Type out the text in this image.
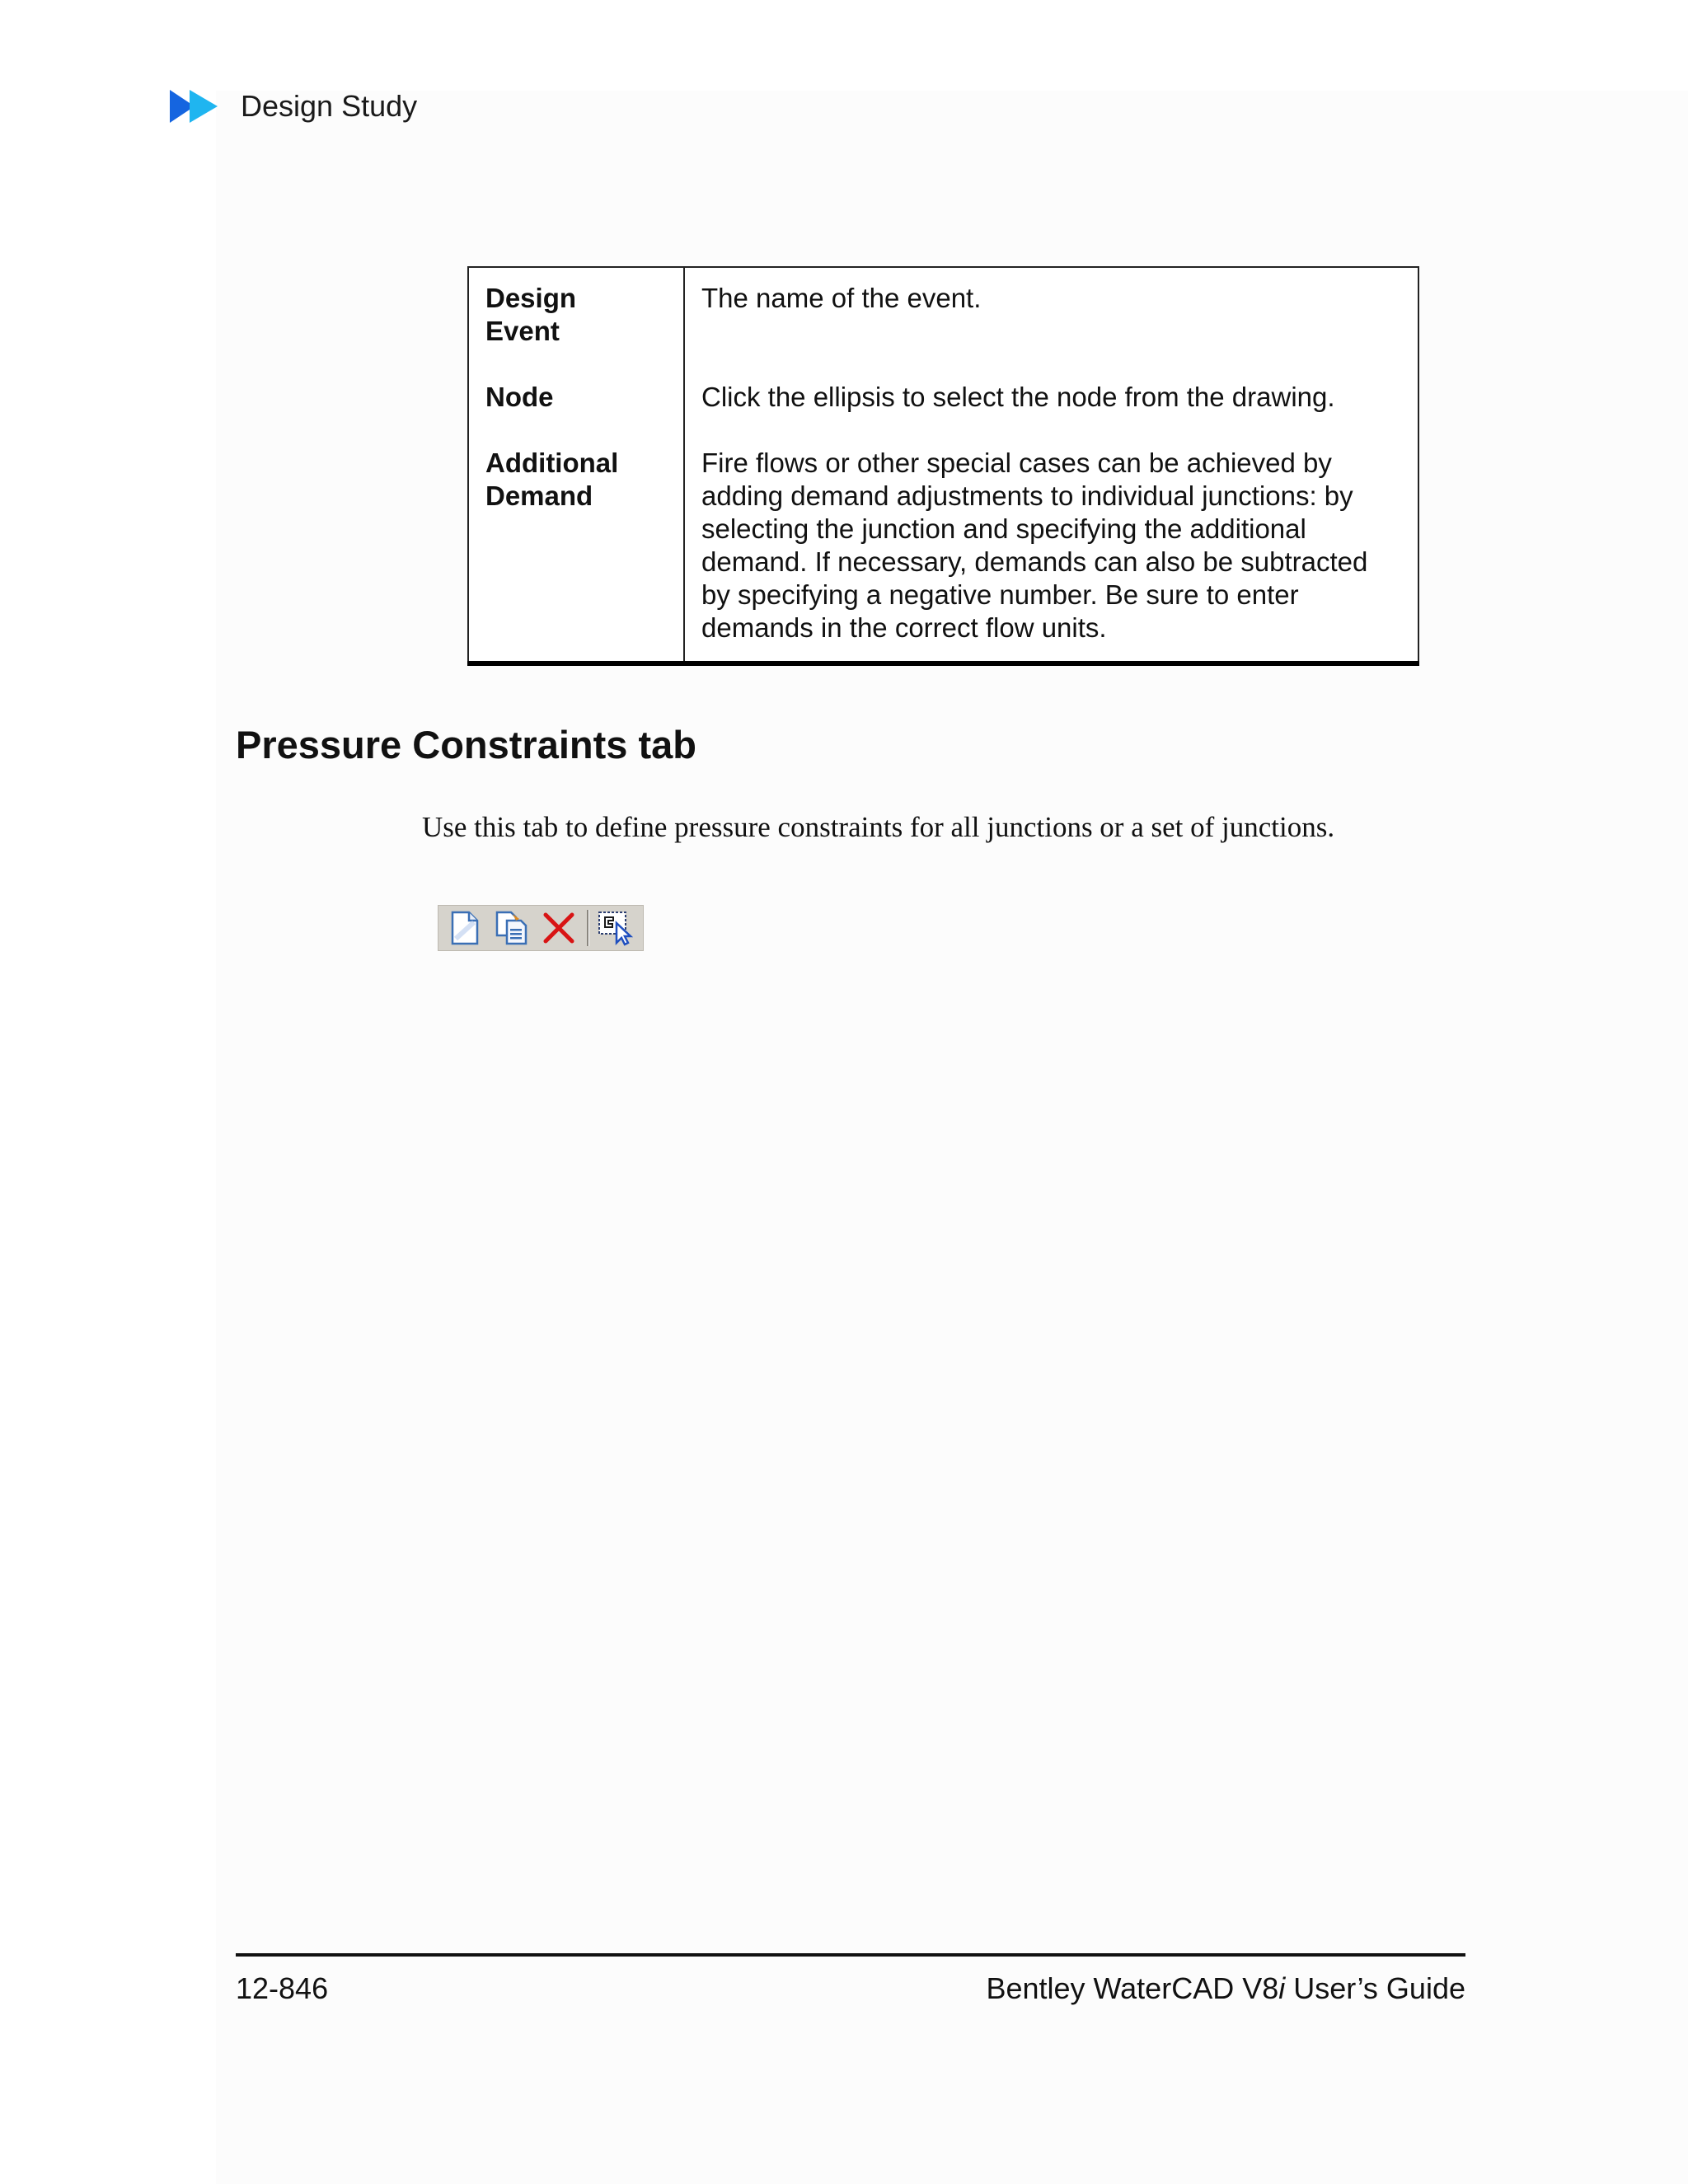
Design Study
Design Event	The name of the event.
Node	Click the ellipsis to select the node from the drawing.
Additional Demand	Fire flows or other special cases can be achieved by adding demand adjustments to individual junctions: by selecting the junction and specifying the additional demand. If necessary, demands can also be subtracted by specifying a negative number. Be sure to enter demands in the correct flow units.
Pressure Constraints tab

Use this tab to define pressure constraints for all junctions or a set of junctions.

12-846	Bentley WaterCAD V8i User’s Guide
